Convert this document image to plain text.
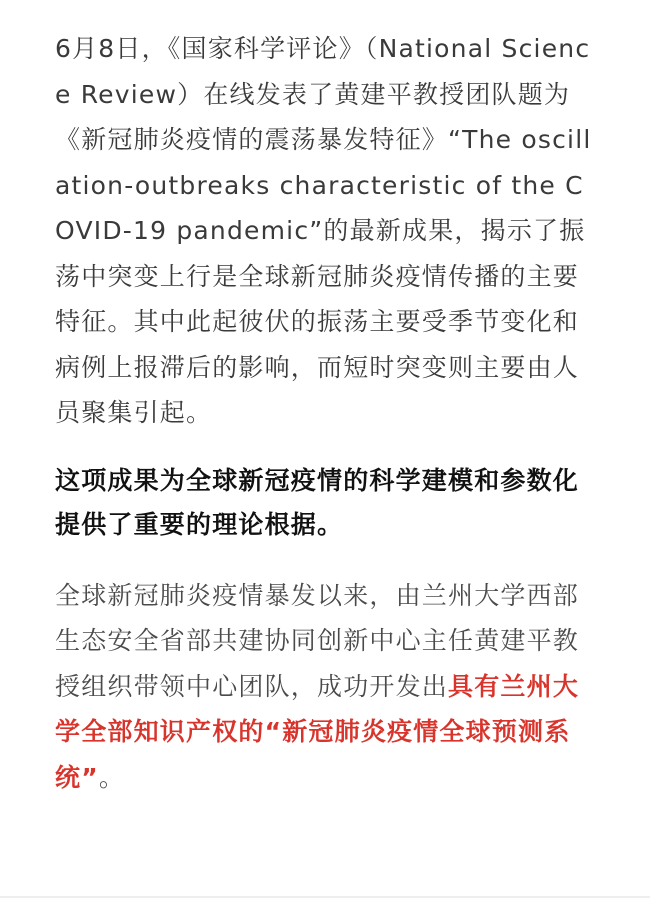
6月8日，《国家科学评论》（National Science Review）在线发表了黄建平教授团队题为《新冠肺炎疫情的震荡暴发特征》“The oscillation-outbreaks characteristic of the COVID-19 pandemic”的最新成果，揭示了振荡中突变上行是全球新冠肺炎疫情传播的主要特征。其中此起彼伏的振荡主要受季节变化和病例上报滞后的影响，而短时突变则主要由人员聚集引起。

这项成果为全球新冠疫情的科学建模和参数化提供了重要的理论根据。

全球新冠肺炎疫情暴发以来，由兰州大学西部生态安全省部共建协同创新中心主任黄建平教授组织带领中心团队，成功开发出具有兰州大学全部知识产权的“新冠肺炎疫情全球预测系统”。
